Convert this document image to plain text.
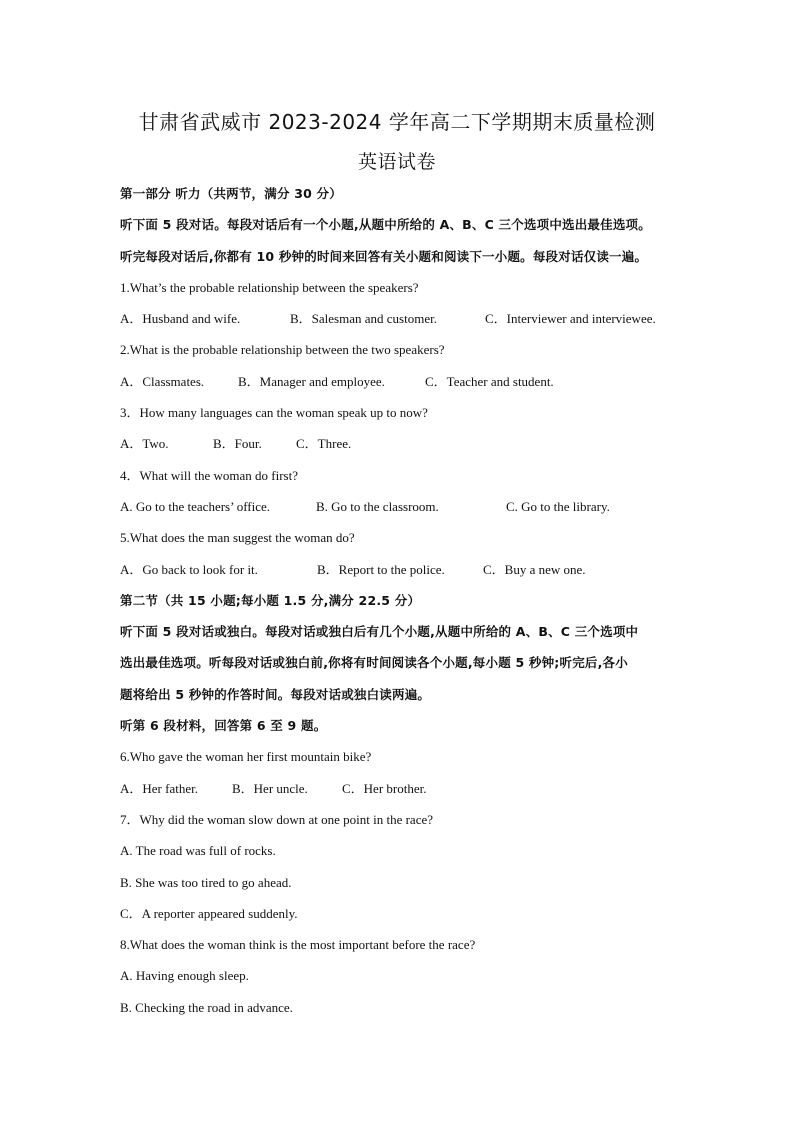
甘肃省武威市 2023-2024 学年高二下学期期末质量检测
英语试卷
第一部分 听力（共两节，满分 30 分）
听下面 5 段对话。每段对话后有一个小题,从题中所给的 A、B、C 三个选项中选出最佳选项。
听完每段对话后,你都有 10 秒钟的时间来回答有关小题和阅读下一小题。每段对话仅读一遍。
1.What’s the probable relationship between the speakers?
A．Husband and wife.	B．Salesman and customer.	C．Interviewer and interviewee.
2.What is the probable relationship between the two speakers?
A．Classmates.	B．Manager and employee.	C．Teacher and student.
3．How many languages can the woman speak up to now?
A．Two.	B．Four.	C．Three.
4．What will the woman do first?
A. Go to the teachers’ office.	B. Go to the classroom.	C. Go to the library.
5.What does the man suggest the woman do?
A．Go back to look for it.	B．Report to the police.	C．Buy a new one.
第二节（共 15 小题;每小题 1.5 分,满分 22.5 分）
听下面 5 段对话或独白。每段对话或独白后有几个小题,从题中所给的 A、B、C 三个选项中
选出最佳选项。听每段对话或独白前,你将有时间阅读各个小题,每小题 5 秒钟;听完后,各小
题将给出 5 秒钟的作答时间。每段对话或独白读两遍。
听第 6 段材料，回答第 6 至 9 题。
6.Who gave the woman her first mountain bike?
A．Her father.	B．Her uncle.	C．Her brother.
7．Why did the woman slow down at one point in the race?
A. The road was full of rocks.
B. She was too tired to go ahead.
C．A reporter appeared suddenly.
8.What does the woman think is the most important before the race?
A. Having enough sleep.
B. Checking the road in advance.
